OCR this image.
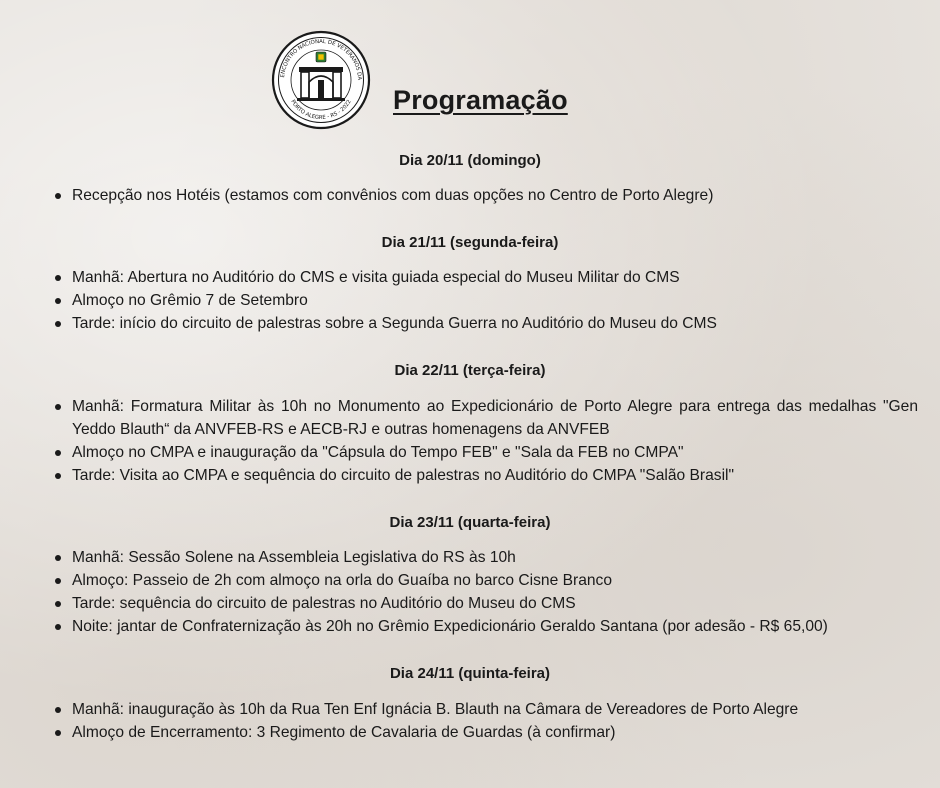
ENCONTRO NACIONAL DE VETERANOS DA
PORTO ALEGRE - RS - 2022 Programação
Dia 20/11 (domingo)
Recepção nos Hotéis (estamos com convênios com duas opções no Centro de Porto Alegre)
Dia 21/11 (segunda-feira)
Manhã: Abertura no Auditório do CMS e visita guiada especial do Museu Militar do CMS
Almoço no Grêmio 7 de Setembro
Tarde: início do circuito de palestras sobre a Segunda Guerra no Auditório do Museu do CMS
Dia 22/11 (terça-feira)
Manhã: Formatura Militar às 10h no Monumento ao Expedicionário de Porto Alegre para entrega das medalhas "Gen Yeddo Blauth“ da ANVFEB-RS e AECB-RJ e outras homenagens da ANVFEB
Almoço no CMPA e inauguração da "Cápsula do Tempo FEB" e "Sala da FEB no CMPA"
Tarde: Visita ao CMPA e sequência do circuito de palestras no Auditório do CMPA "Salão Brasil"
Dia 23/11 (quarta-feira)
Manhã: Sessão Solene na Assembleia Legislativa do RS às 10h
Almoço: Passeio de 2h com almoço na orla do Guaíba no barco Cisne Branco
Tarde: sequência do circuito de palestras no Auditório do Museu do CMS
Noite: jantar de Confraternização às 20h no Grêmio Expedicionário Geraldo Santana (por adesão - R$ 65,00)
Dia 24/11 (quinta-feira)
Manhã: inauguração às 10h da Rua Ten Enf Ignácia B. Blauth na Câmara de Vereadores de Porto Alegre
Almoço de Encerramento: 3 Regimento de Cavalaria de Guardas (à confirmar)
